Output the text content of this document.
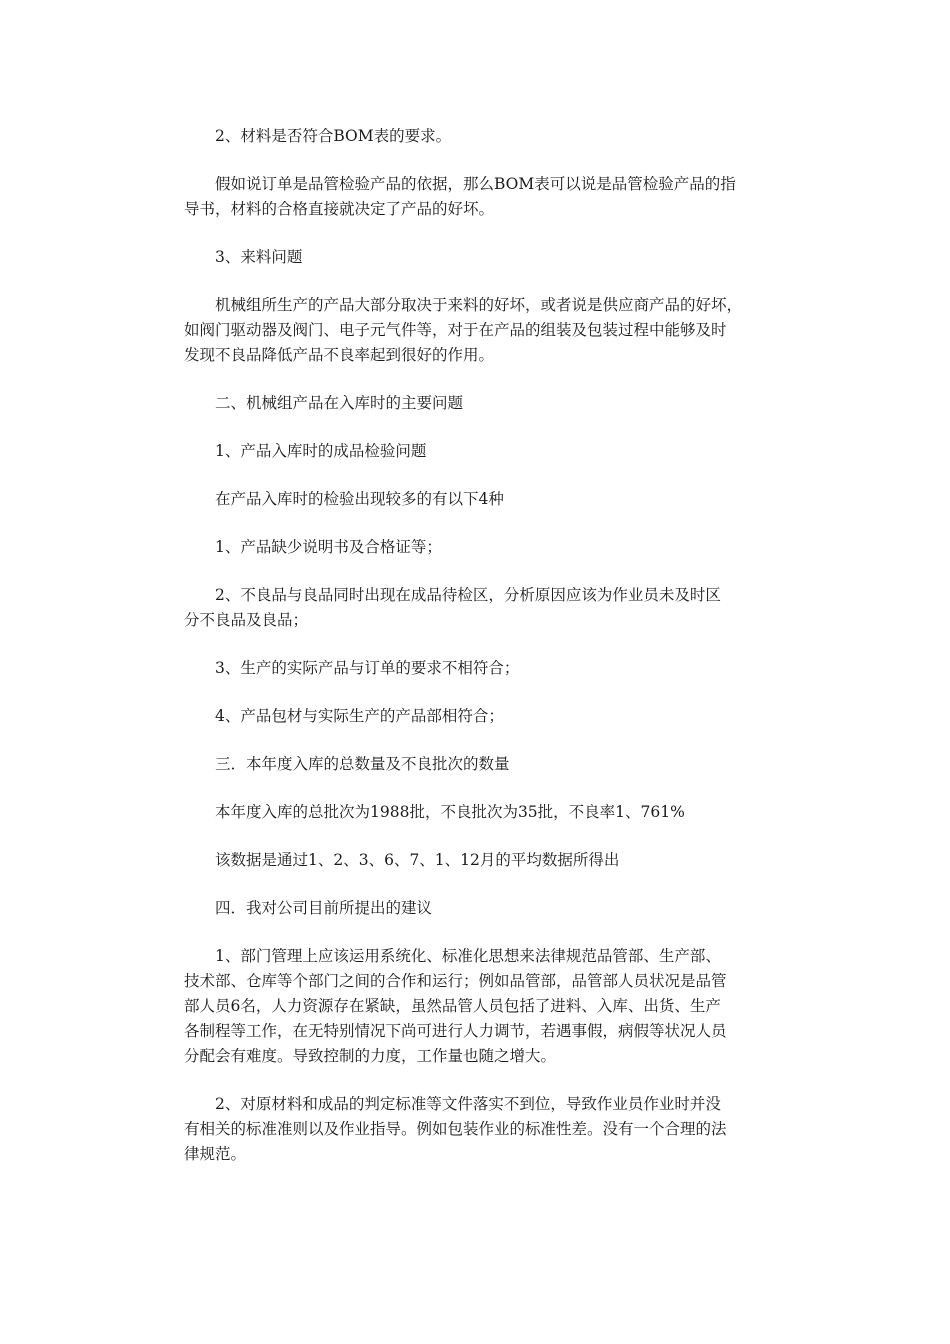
2、材料是否符合BOM表的要求。

假如说订单是品管检验产品的依据，那么BOM表可以说是品管检验产品的指
导书，材料的合格直接就决定了产品的好坏。

3、来料问题

机械组所生产的产品大部分取决于来料的好坏，或者说是供应商产品的好坏，
如阀门驱动器及阀门、电子元气件等，对于在产品的组装及包装过程中能够及时
发现不良品降低产品不良率起到很好的作用。

二、机械组产品在入库时的主要问题

1、产品入库时的成品检验问题

在产品入库时的检验出现较多的有以下4种

1、产品缺少说明书及合格证等；

2、不良品与良品同时出现在成品待检区，分析原因应该为作业员未及时区
分不良品及良品；

3、生产的实际产品与订单的要求不相符合；

4、产品包材与实际生产的产品部相符合；

三．本年度入库的总数量及不良批次的数量

本年度入库的总批次为1988批，不良批次为35批，不良率1、761%

该数据是通过1、2、3、6、7、1、12月的平均数据所得出

四．我对公司目前所提出的建议

1、部门管理上应该运用系统化、标准化思想来法律规范品管部、生产部、
技术部、仓库等个部门之间的合作和运行；例如品管部，品管部人员状况是品管
部人员6名，人力资源存在紧缺，虽然品管人员包括了进料、入库、出货、生产
各制程等工作，在无特别情况下尚可进行人力调节，若遇事假，病假等状况人员
分配会有难度。导致控制的力度，工作量也随之增大。

2、对原材料和成品的判定标准等文件落实不到位，导致作业员作业时并没
有相关的标准准则以及作业指导。例如包装作业的标准性差。没有一个合理的法
律规范。
